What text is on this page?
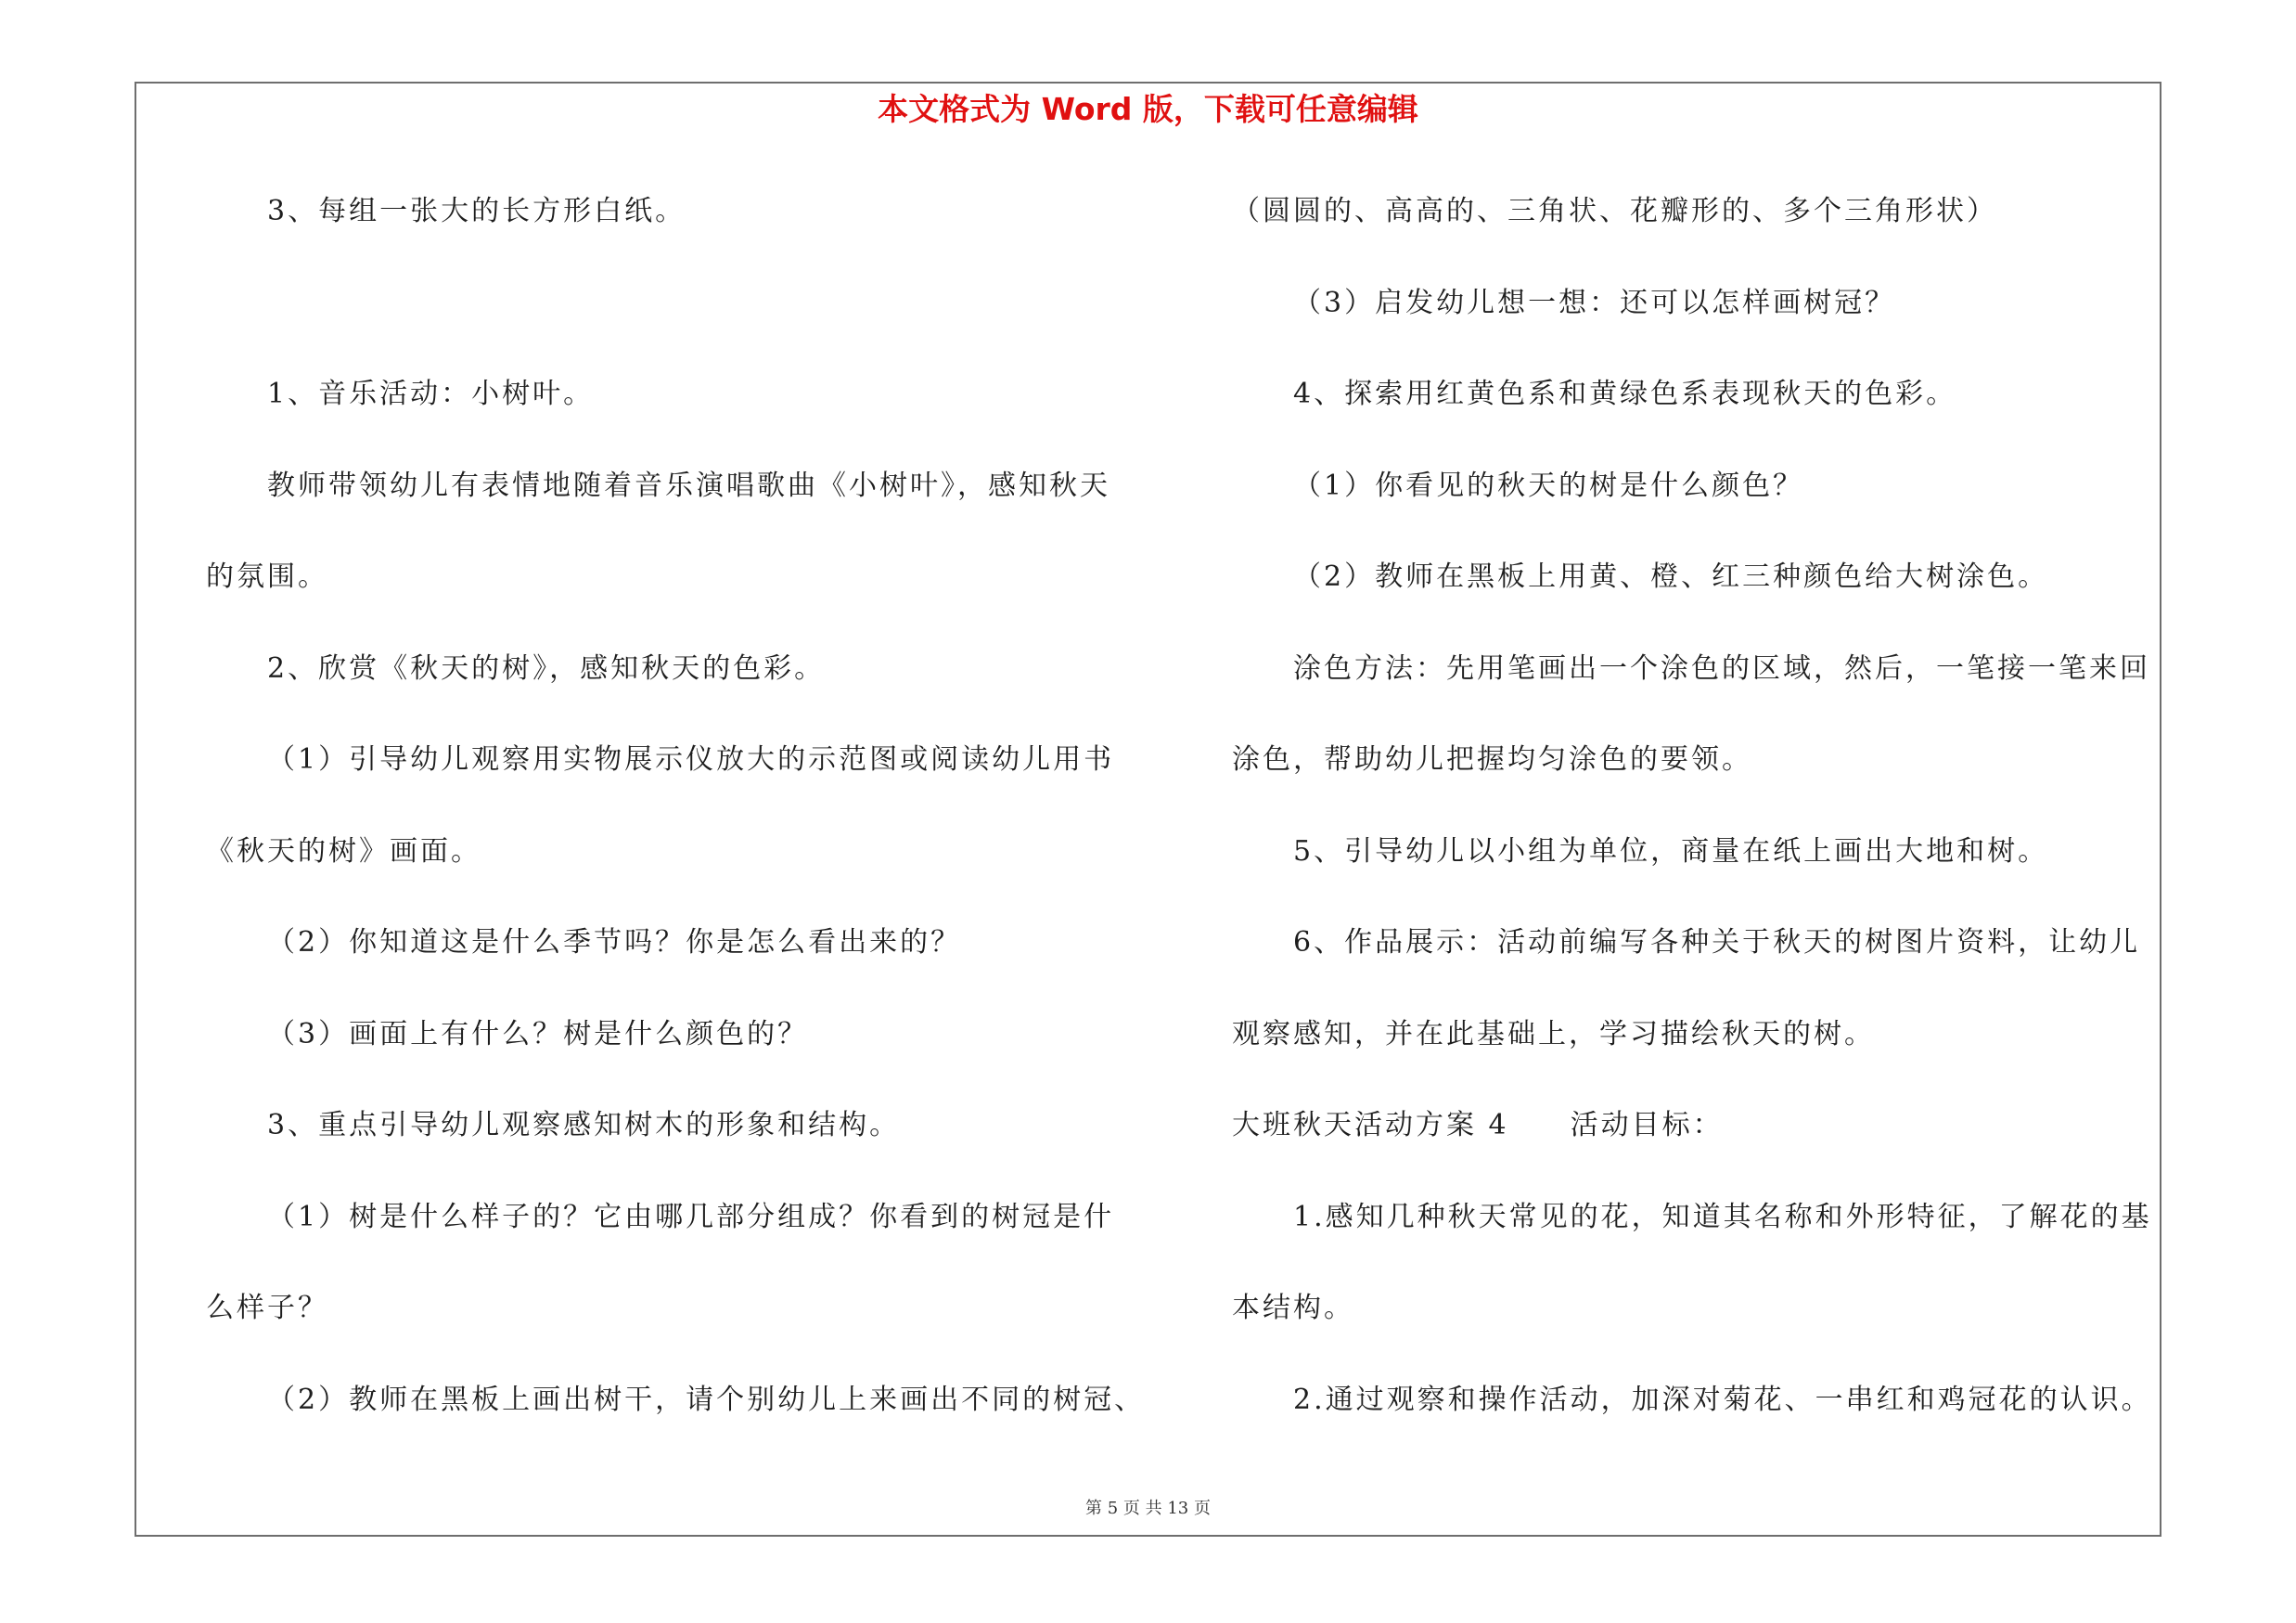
本文格式为 Word 版，下载可任意编辑
3、每组一张大的长方形白纸。
1、音乐活动：小树叶。
教师带领幼儿有表情地随着音乐演唱歌曲《小树叶》，感知秋天
的氛围。
2、欣赏《秋天的树》，感知秋天的色彩。
（1）引导幼儿观察用实物展示仪放大的示范图或阅读幼儿用书
《秋天的树》画面。
（2）你知道这是什么季节吗？你是怎么看出来的？
（3）画面上有什么？树是什么颜色的？
3、重点引导幼儿观察感知树木的形象和结构。
（1）树是什么样子的？它由哪几部分组成？你看到的树冠是什
么样子？
（2）教师在黑板上画出树干，请个别幼儿上来画出不同的树冠、
（圆圆的、高高的、三角状、花瓣形的、多个三角形状）
（3）启发幼儿想一想：还可以怎样画树冠？
4、探索用红黄色系和黄绿色系表现秋天的色彩。
（1）你看见的秋天的树是什么颜色？
（2）教师在黑板上用黄、橙、红三种颜色给大树涂色。
涂色方法：先用笔画出一个涂色的区域，然后，一笔接一笔来回
涂色，帮助幼儿把握均匀涂色的要领。
5、引导幼儿以小组为单位，商量在纸上画出大地和树。
6、作品展示：活动前编写各种关于秋天的树图片资料，让幼儿
观察感知，并在此基础上，学习描绘秋天的树。
大班秋天活动方案 4　　活动目标：
1.感知几种秋天常见的花，知道其名称和外形特征，了解花的基
本结构。
2.通过观察和操作活动，加深对菊花、一串红和鸡冠花的认识。
第 5 页 共 13 页
